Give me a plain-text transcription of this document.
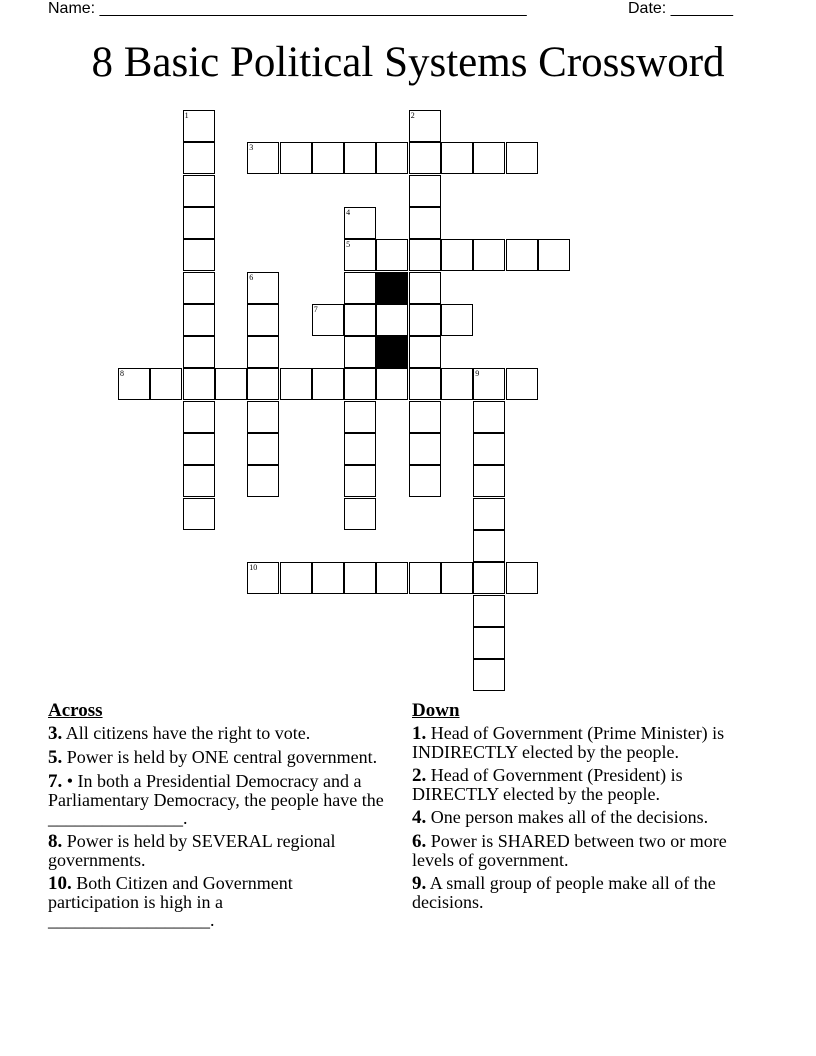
Name: ________________________________________________	Date: _______
8 Basic Political Systems Crossword
1	2
3
4
5
6
7
8	9
10
Across
3. All citizens have the right to vote.
5. Power is held by ONE central government.
7. • In both a Presidential Democracy and a Parliamentary Democracy, the people have the _______________.
8. Power is held by SEVERAL regional governments.
10. Both Citizen and Government participation is high in a __________________.
Down
1. Head of Government (Prime Minister) is INDIRECTLY elected by the people.
2. Head of Government (President) is DIRECTLY elected by the people.
4. One person makes all of the decisions.
6. Power is SHARED between two or more levels of government.
9. A small group of people make all of the decisions.
